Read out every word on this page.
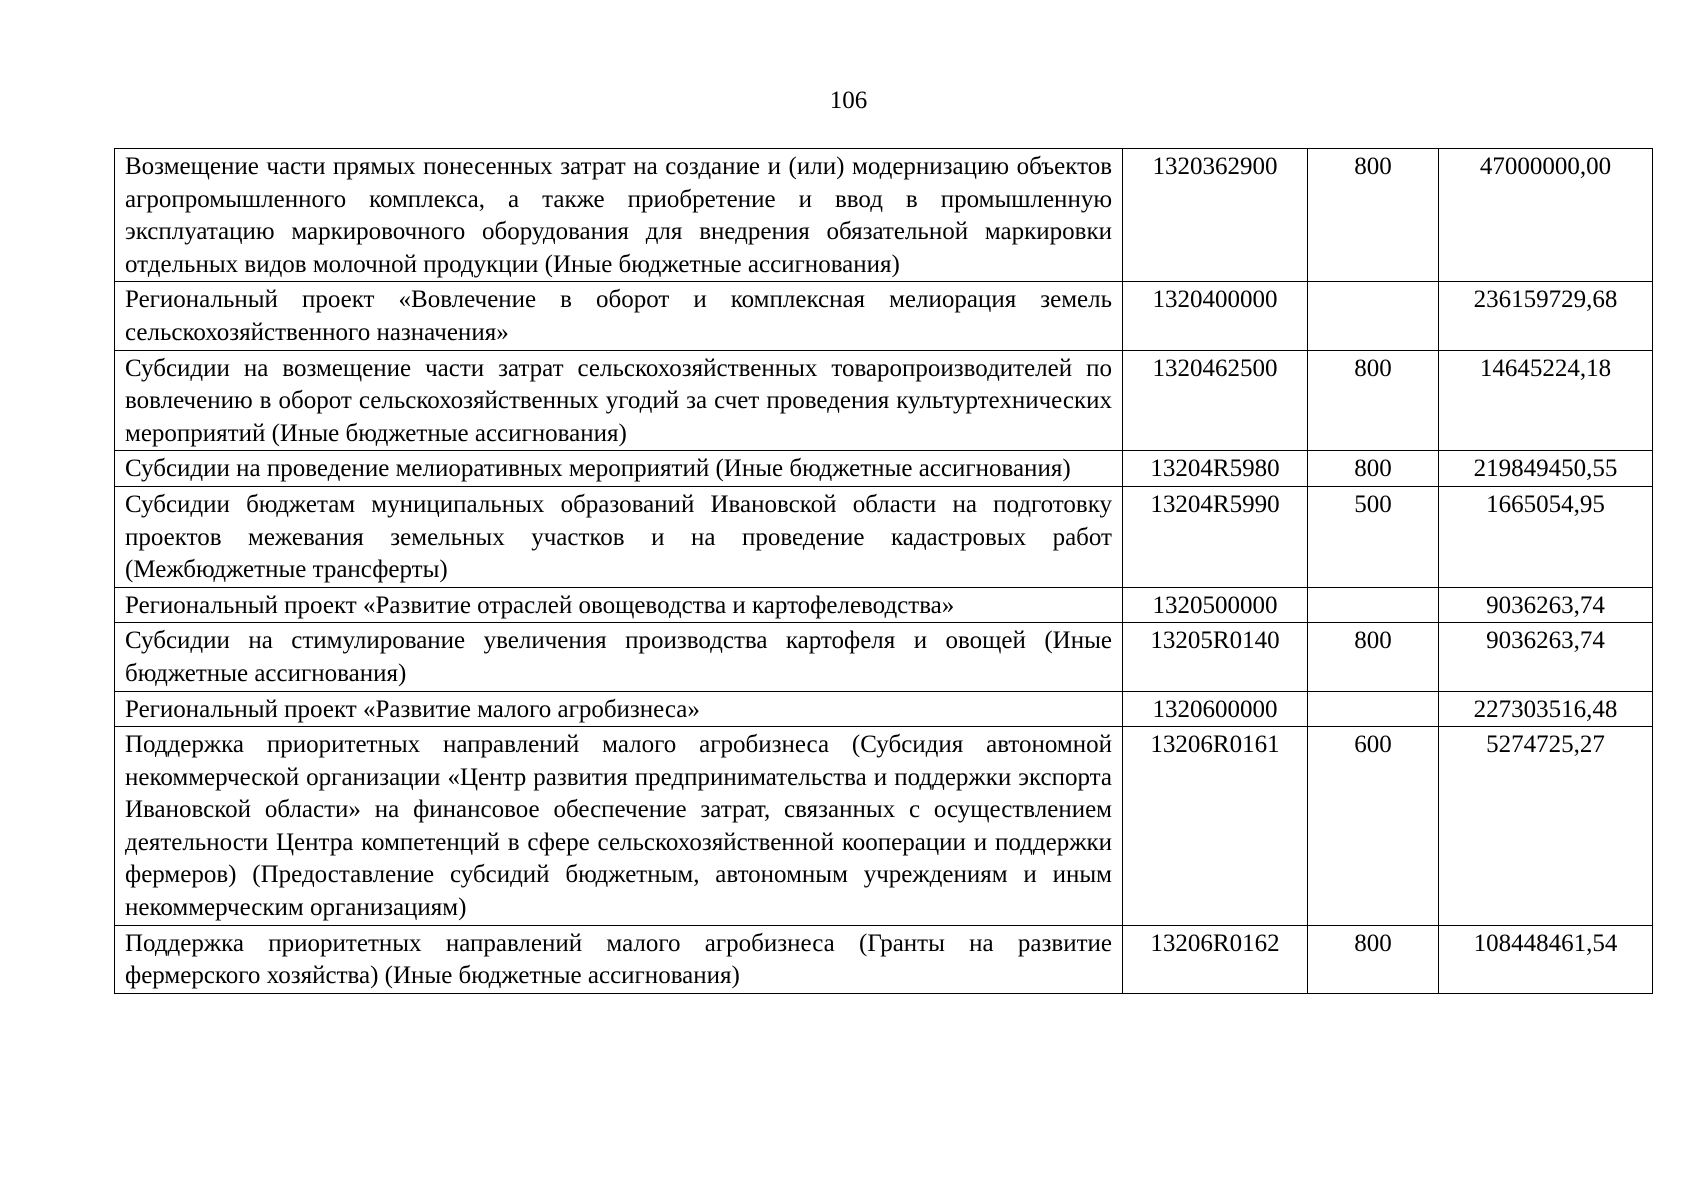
106
Возмещение части прямых понесенных затрат на создание и (или) модернизацию объектов агропромышленного комплекса, а также приобретение и ввод в промышленную эксплуатацию маркировочного оборудования для внедрения обязательной маркировки отдельных видов молочной продукции (Иные бюджетные ассигнования)	1320362900	800	47000000,00
Региональный проект «Вовлечение в оборот и комплексная мелиорация земель сельскохозяйственного назначения»	1320400000		236159729,68
Субсидии на возмещение части затрат сельскохозяйственных товаропроизводителей по вовлечению в оборот сельскохозяйственных угодий за счет проведения культуртехнических мероприятий (Иные бюджетные ассигнования)	1320462500	800	14645224,18
Субсидии на проведение мелиоративных мероприятий (Иные бюджетные ассигнования)	13204R5980	800	219849450,55
Субсидии бюджетам муниципальных образований Ивановской области на подготовку проектов межевания земельных участков и на проведение кадастровых работ (Межбюджетные трансферты)	13204R5990	500	1665054,95
Региональный проект «Развитие отраслей овощеводства и картофелеводства»	1320500000		9036263,74
Субсидии на стимулирование увеличения производства картофеля и овощей (Иные бюджетные ассигнования)	13205R0140	800	9036263,74
Региональный проект «Развитие малого агробизнеса»	1320600000		227303516,48
Поддержка приоритетных направлений малого агробизнеса (Субсидия автономной некоммерческой организации «Центр развития предпринимательства и поддержки экспорта Ивановской области» на финансовое обеспечение затрат, связанных с осуществлением деятельности Центра компетенций в сфере сельскохозяйственной кооперации и поддержки фермеров) (Предоставление субсидий бюджетным, автономным учреждениям и иным некоммерческим организациям)	13206R0161	600	5274725,27
Поддержка приоритетных направлений малого агробизнеса (Гранты на развитие фермерского хозяйства) (Иные бюджетные ассигнования)	13206R0162	800	108448461,54
